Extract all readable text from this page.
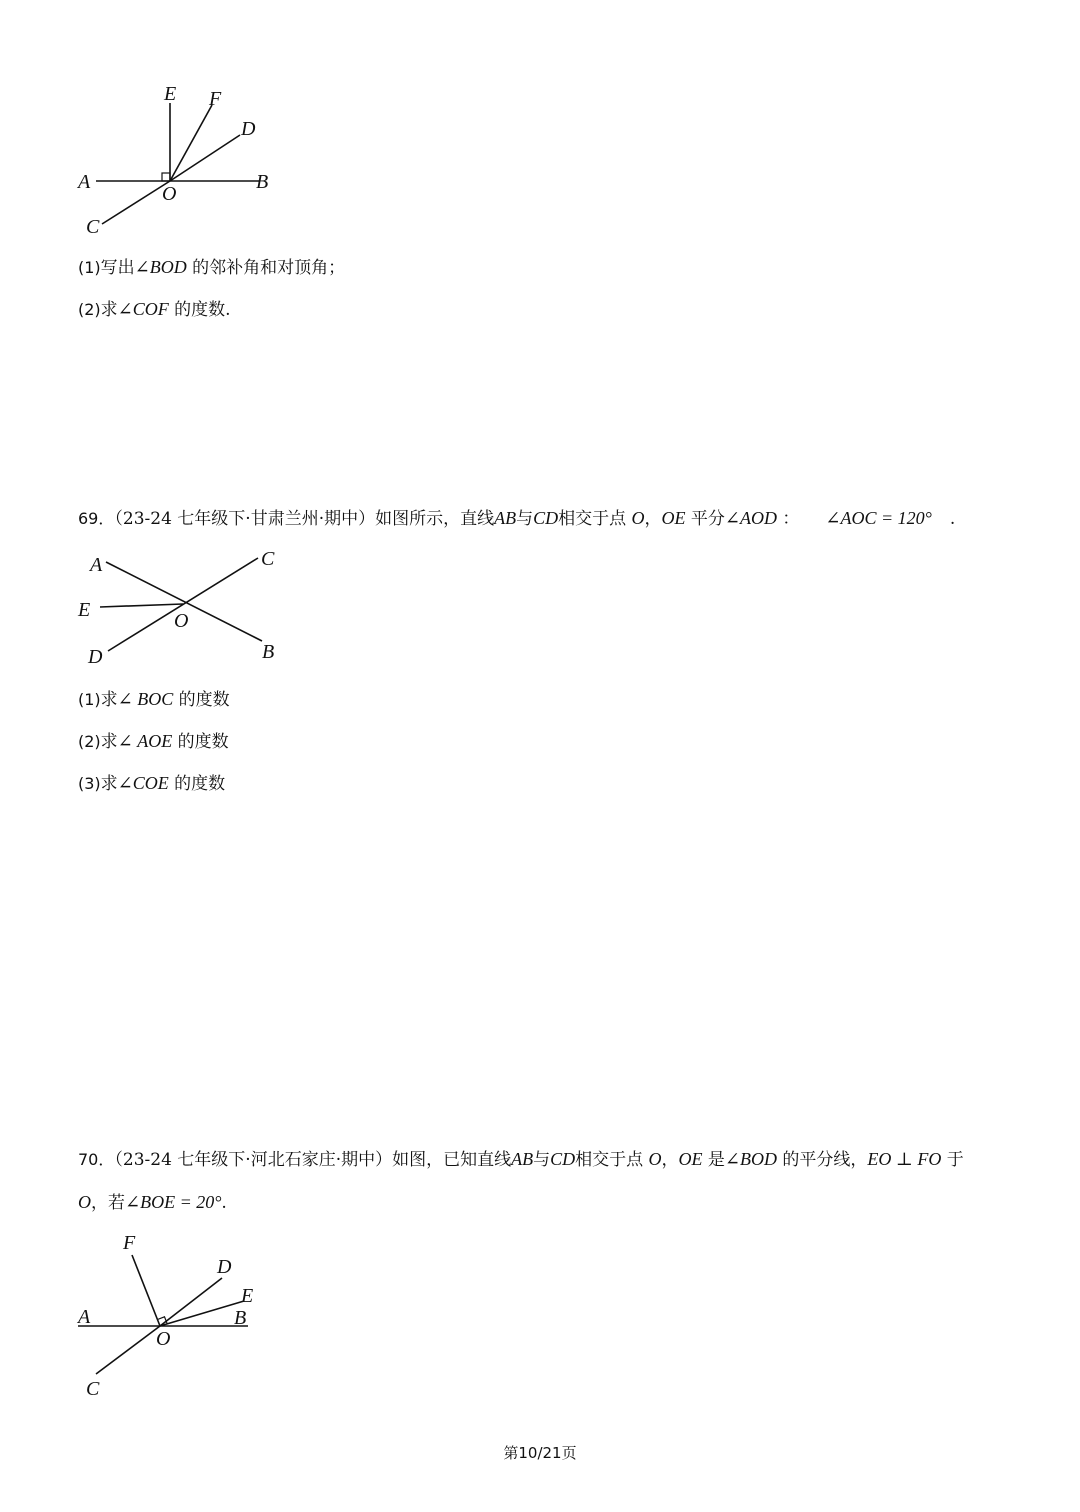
E F
D
A
O
B
C
(1)写出∠BOD 的邻补角和对顶角；
(2)求∠COF 的度数.
69．（23-24 七年级下·甘肃兰州·期中）如图所示，直线AB与CD相交于点 O，OE 平分∠AOD ： ∠AOC = 120° .
A	C
E	O
D	B
(1)求∠ BOC 的度数
(2)求∠ AOE 的度数
(3)求∠COE 的度数
70．（23-24 七年级下·河北石家庄·期中）如图，已知直线AB与CD相交于点 O，OE 是∠BOD 的平分线，EO ⊥ FO 于
O，若∠BOE = 20°.
F
D
E
A	B
O
C
第10/21页
